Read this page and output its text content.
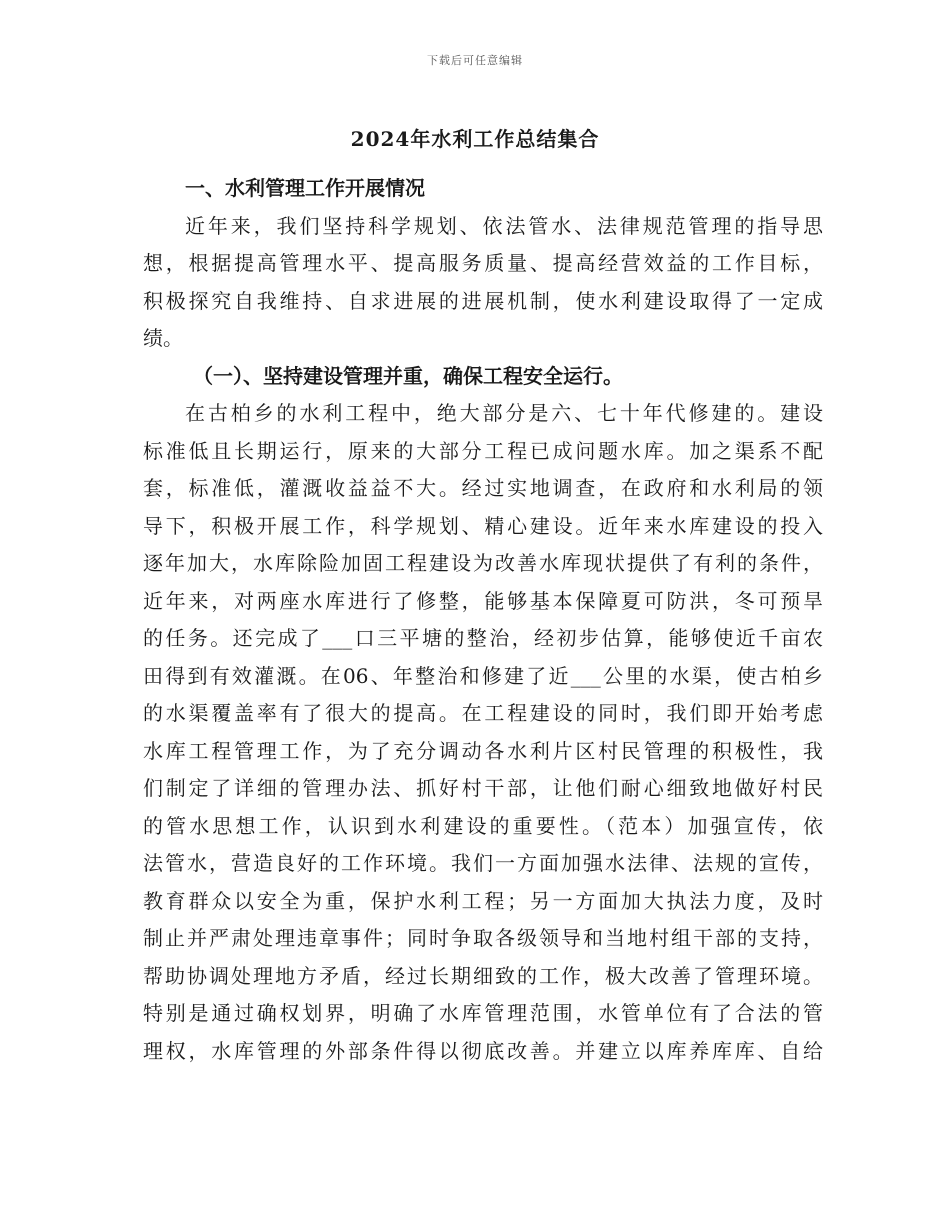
下载后可任意编辑
2024年水利工作总结集合
一、水利管理工作开展情况
近年来，我们坚持科学规划、依法管水、法律规范管理的指导思
想，根据提高管理水平、提高服务质量、提高经营效益的工作目标，
积极探究自我维持、自求进展的进展机制，使水利建设取得了一定成
绩。
（一）、坚持建设管理并重，确保工程安全运行。
在古柏乡的水利工程中，绝大部分是六、七十年代修建的。建设
标准低且长期运行，原来的大部分工程已成问题水库。加之渠系不配
套，标准低，灌溉收益益不大。经过实地调查，在政府和水利局的领
导下，积极开展工作，科学规划、精心建设。近年来水库建设的投入
逐年加大，水库除险加固工程建设为改善水库现状提供了有利的条件，
近年来，对两座水库进行了修整，能够基本保障夏可防洪，冬可预旱
的任务。还完成了___口三平塘的整治，经初步估算，能够使近千亩农
田得到有效灌溉。在06、年整治和修建了近___公里的水渠，使古柏乡
的水渠覆盖率有了很大的提高。在工程建设的同时，我们即开始考虑
水库工程管理工作，为了充分调动各水利片区村民管理的积极性，我
们制定了详细的管理办法、抓好村干部，让他们耐心细致地做好村民
的管水思想工作，认识到水利建设的重要性。（范本）加强宣传，依
法管水，营造良好的工作环境。我们一方面加强水法律、法规的宣传，
教育群众以安全为重，保护水利工程；另一方面加大执法力度，及时
制止并严肃处理违章事件；同时争取各级领导和当地村组干部的支持，
帮助协调处理地方矛盾，经过长期细致的工作，极大改善了管理环境。
特别是通过确权划界，明确了水库管理范围，水管单位有了合法的管
理权，水库管理的外部条件得以彻底改善。并建立以库养库库、自给
